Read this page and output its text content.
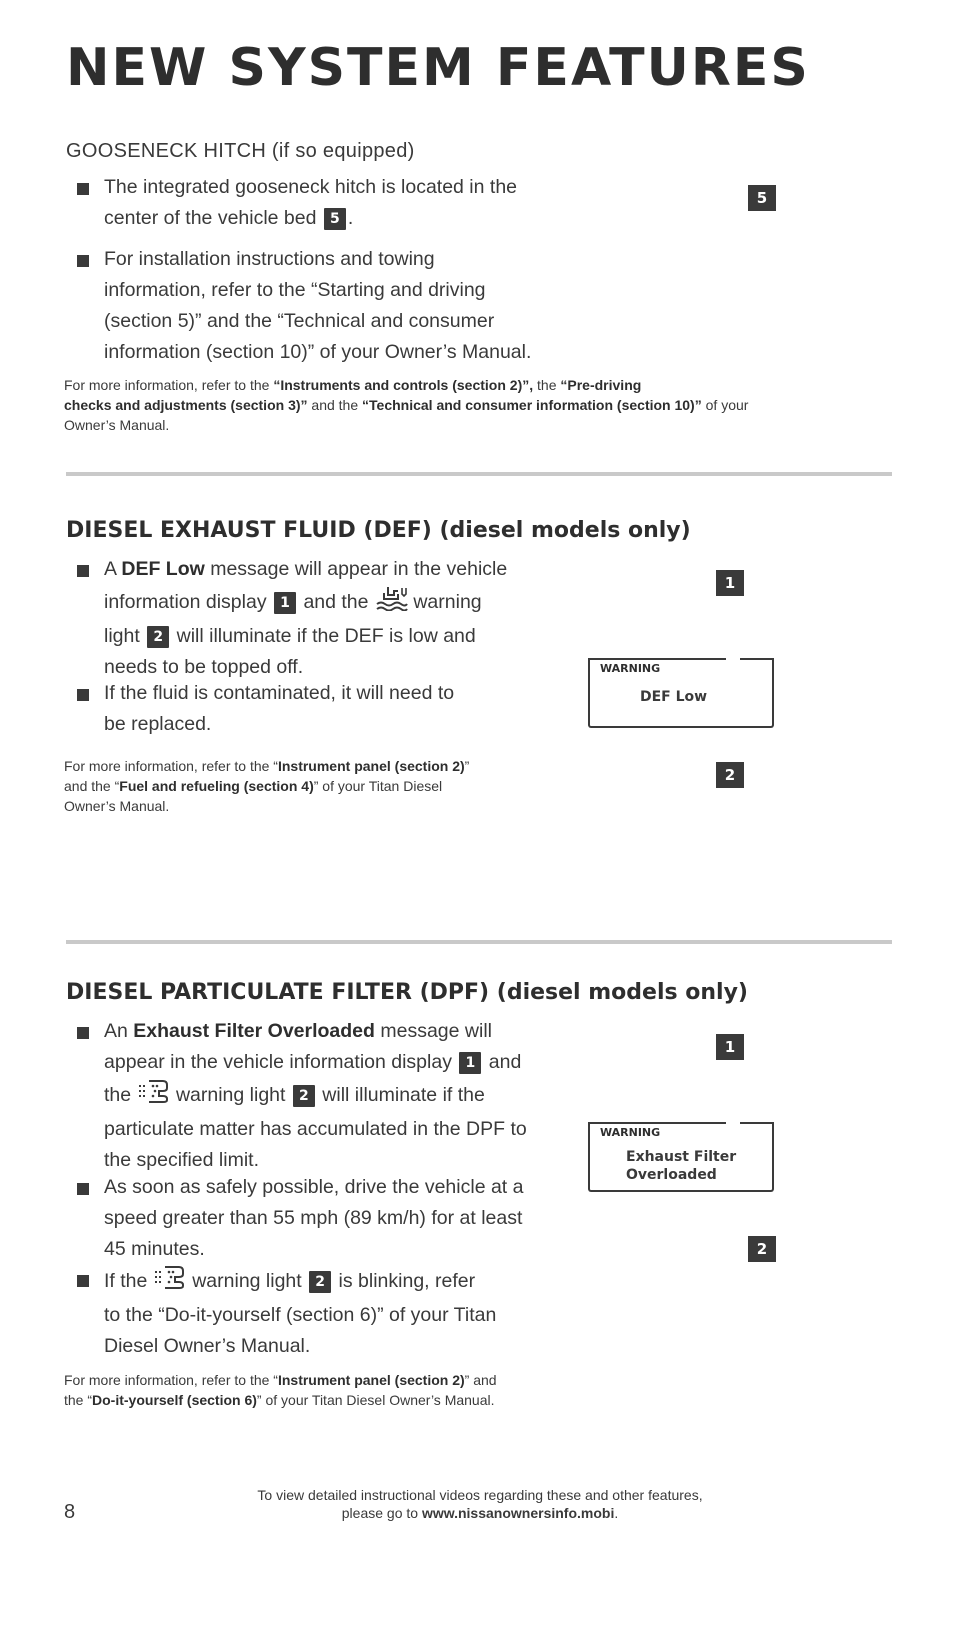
NEW SYSTEM FEATURES
GOOSENECK HITCH (if so equipped)
The integrated gooseneck hitch is located in the
center of the vehicle bed 5 .
For installation instructions and towing
information, refer to the “Starting and driving
(section 5)” and the “Technical and consumer
information (section 10)” of your Owner’s Manual.
For more information, refer to the “Instruments and controls (section 2)”, the “Pre-driving
checks and adjustments (section 3)” and the “Technical and consumer information (section 10)” of your
Owner’s Manual.
5
DIESEL EXHAUST FLUID (DEF) (diesel models only)
A DEF Low message will appear in the vehicle
information display 1 and the warning
light 2 will illuminate if the DEF is low and
needs to be topped off.
If the fluid is contaminated, it will need to
be replaced.
For more information, refer to the “Instrument panel (section 2)”
and the “Fuel and refueling (section 4)” of your Titan Diesel
Owner’s Manual.
1
WARNING
DEF Low
2
DIESEL PARTICULATE FILTER (DPF) (diesel models only)
An Exhaust Filter Overloaded message will
appear in the vehicle information display 1 and
the warning light 2 will illuminate if the
particulate matter has accumulated in the DPF to
the specified limit.
As soon as safely possible, drive the vehicle at a
speed greater than 55 mph (89 km/h) for at least
45 minutes.
If the warning light 2 is blinking, refer
to the “Do-it-yourself (section 6)” of your Titan
Diesel Owner’s Manual.
For more information, refer to the “Instrument panel (section 2)” and
the “Do-it-yourself (section 6)” of your Titan Diesel Owner’s Manual.
1
WARNING
Exhaust Filter
Overloaded
2
8
To view detailed instructional videos regarding these and other features,
please go to www.nissanownersinfo.mobi.
